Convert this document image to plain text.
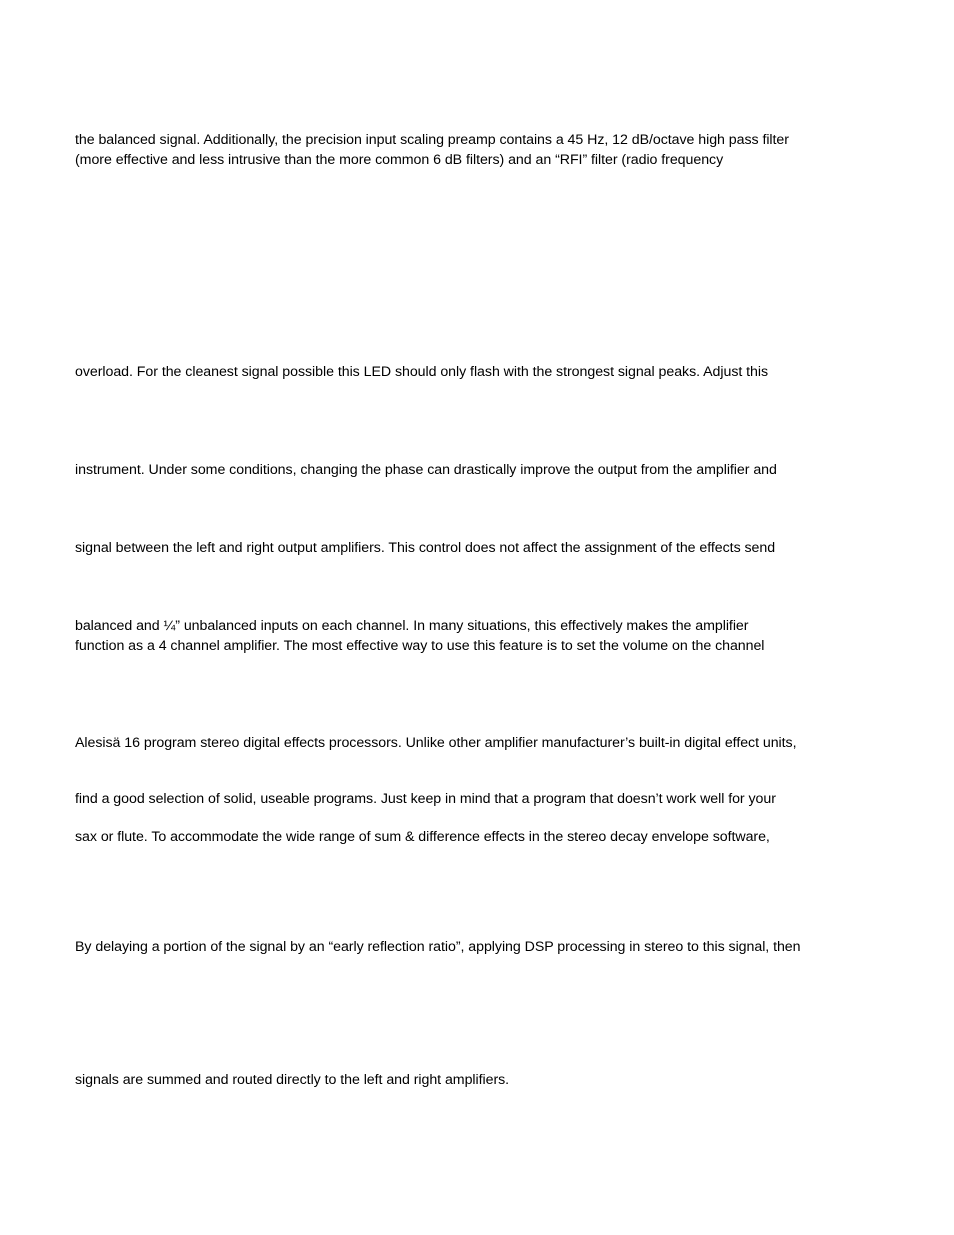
the balanced signal. Additionally, the precision input scaling preamp contains a 45 Hz, 12 dB/octave high pass filter
(more effective and less intrusive than the more common 6 dB filters) and an “RFI” filter (radio frequency
overload. For the cleanest signal possible this LED should only flash with the strongest signal peaks. Adjust this
instrument. Under some conditions, changing the phase can drastically improve the output from the amplifier and
signal between the left and right output amplifiers. This control does not affect the assignment of the effects send
balanced and ¼” unbalanced inputs on each channel. In many situations, this effectively makes the amplifier
function as a 4 channel amplifier. The most effective way to use this feature is to set the volume on the channel
Alesisä 16 program stereo digital effects processors. Unlike other amplifier manufacturer’s built-in digital effect units,
find a good selection of solid, useable programs. Just keep in mind that a program that doesn’t work well for your
sax or flute. To accommodate the wide range of sum & difference effects in the stereo decay envelope software,
By delaying a portion of the signal by an “early reflection ratio”, applying DSP processing in stereo to this signal, then
signals are summed and routed directly to the left and right amplifiers.
